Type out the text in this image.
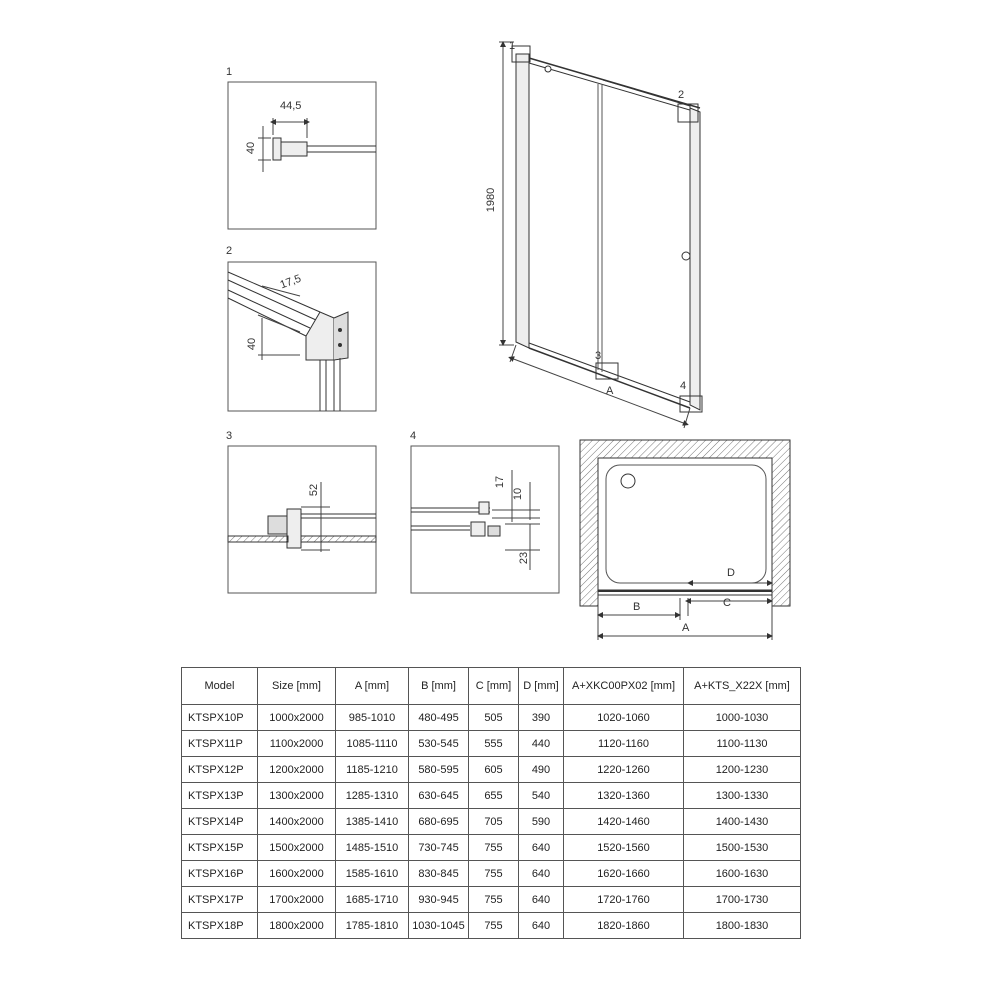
1
44,5
40
2
17,5
40
3
52
4
17
10
23
1980
1
2
3
4
A
D
B	C
A
Model	Size [mm]	A [mm]	B [mm]	C [mm]	D [mm]	A+XKC00PX02 [mm]	A+KTS_X22X [mm]
KTSPX10P	1000x2000	985-1010	480-495	505	390	1020-1060	1000-1030
KTSPX11P	1100x2000	1085-1110	530-545	555	440	1120-1160	1100-1130
KTSPX12P	1200x2000	1185-1210	580-595	605	490	1220-1260	1200-1230
KTSPX13P	1300x2000	1285-1310	630-645	655	540	1320-1360	1300-1330
KTSPX14P	1400x2000	1385-1410	680-695	705	590	1420-1460	1400-1430
KTSPX15P	1500x2000	1485-1510	730-745	755	640	1520-1560	1500-1530
KTSPX16P	1600x2000	1585-1610	830-845	755	640	1620-1660	1600-1630
KTSPX17P	1700x2000	1685-1710	930-945	755	640	1720-1760	1700-1730
KTSPX18P	1800x2000	1785-1810	1030-1045	755	640	1820-1860	1800-1830
